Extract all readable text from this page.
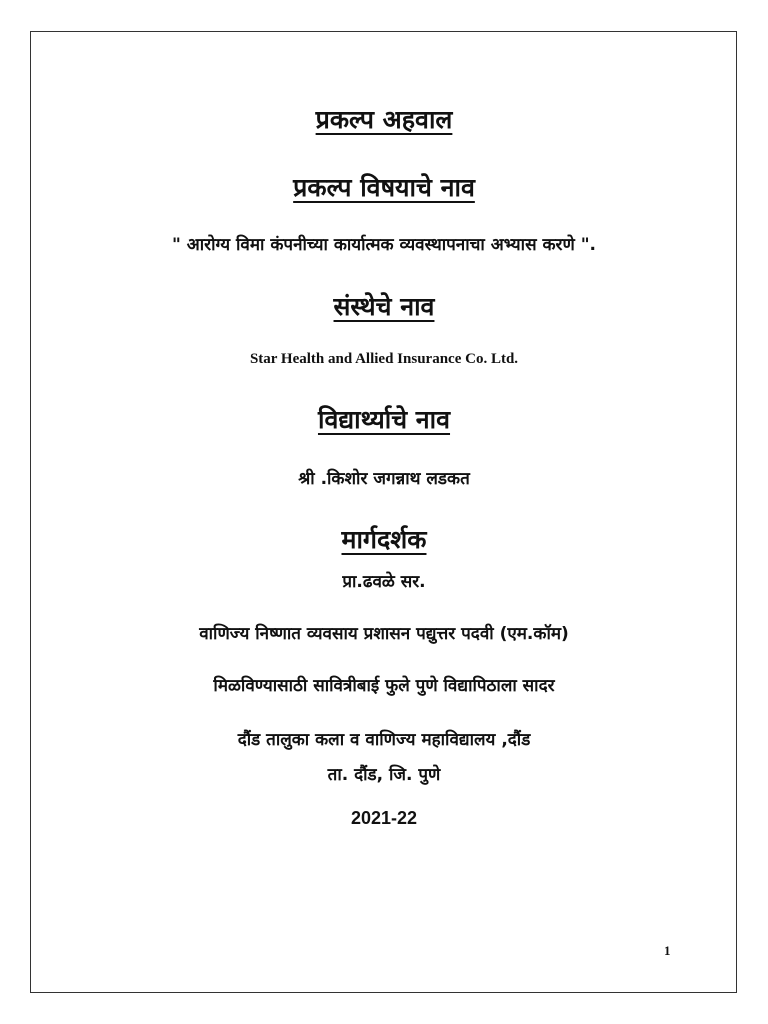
प्रकल्प अहवाल
प्रकल्प विषयाचे नाव
" आरोग्य विमा कंपनीच्या कार्यात्मक व्यवस्थापनाचा अभ्यास करणे ".
संस्थेचे नाव
Star Health and Allied Insurance Co. Ltd.
विद्यार्थ्याचे नाव
श्री .किशोर जगन्नाथ लडकत
मार्गदर्शक
प्रा.ढवळे सर.
वाणिज्य निष्णात व्यवसाय प्रशासन पद्युत्तर पदवी (एम.कॉम)
मिळविण्यासाठी सावित्रीबाई फुले पुणे विद्यापिठाला सादर
दौंड तालुका कला व वाणिज्य महाविद्यालय ,दौंड
ता. दौंड, जि. पुणे
2021-22
1
